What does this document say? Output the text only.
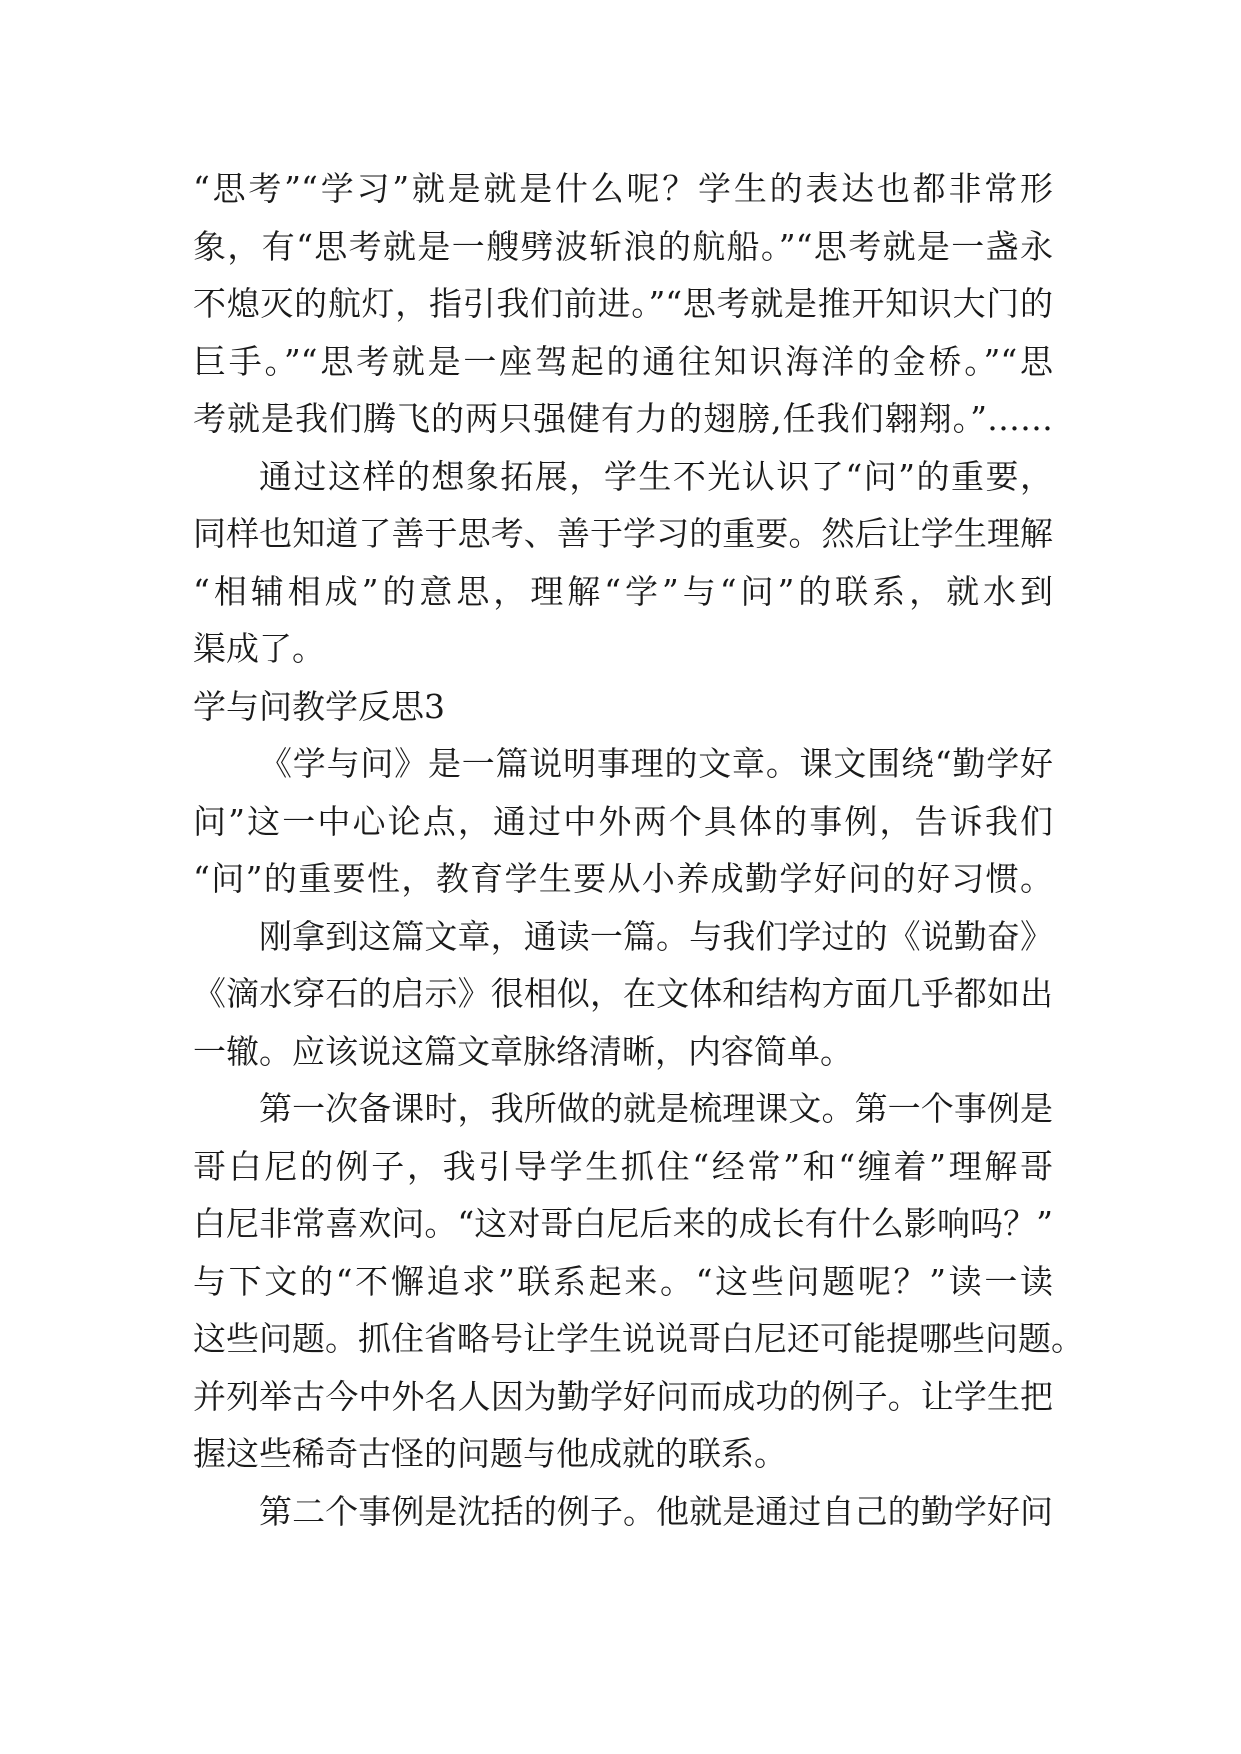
“思考”“学习”就是就是什么呢？学生的表达也都非常形
象，有“思考就是一艘劈波斩浪的航船。”“思考就是一盏永
不熄灭的航灯，指引我们前进。”“思考就是推开知识大门的
巨手。”“思考就是一座驾起的通往知识海洋的金桥。”“思
考就是我们腾飞的两只强健有力的翅膀,任我们翱翔。”……
通过这样的想象拓展，学生不光认识了“问”的重要，
同样也知道了善于思考、善于学习的重要。然后让学生理解
“相辅相成”的意思，理解“学”与“问”的联系，就水到
渠成了。
学与问教学反思3
《学与问》是一篇说明事理的文章。课文围绕“勤学好
问”这一中心论点，通过中外两个具体的事例，告诉我们
“问”的重要性，教育学生要从小养成勤学好问的好习惯。
刚拿到这篇文章，通读一篇。与我们学过的《说勤奋》
《滴水穿石的启示》很相似，在文体和结构方面几乎都如出
一辙。应该说这篇文章脉络清晰，内容简单。
第一次备课时，我所做的就是梳理课文。第一个事例是
哥白尼的例子，我引导学生抓住“经常”和“缠着”理解哥
白尼非常喜欢问。“这对哥白尼后来的成长有什么影响吗？”
与下文的“不懈追求”联系起来。“这些问题呢？”读一读
这些问题。抓住省略号让学生说说哥白尼还可能提哪些问题。
并列举古今中外名人因为勤学好问而成功的例子。让学生把
握这些稀奇古怪的问题与他成就的联系。
第二个事例是沈括的例子。他就是通过自己的勤学好问
